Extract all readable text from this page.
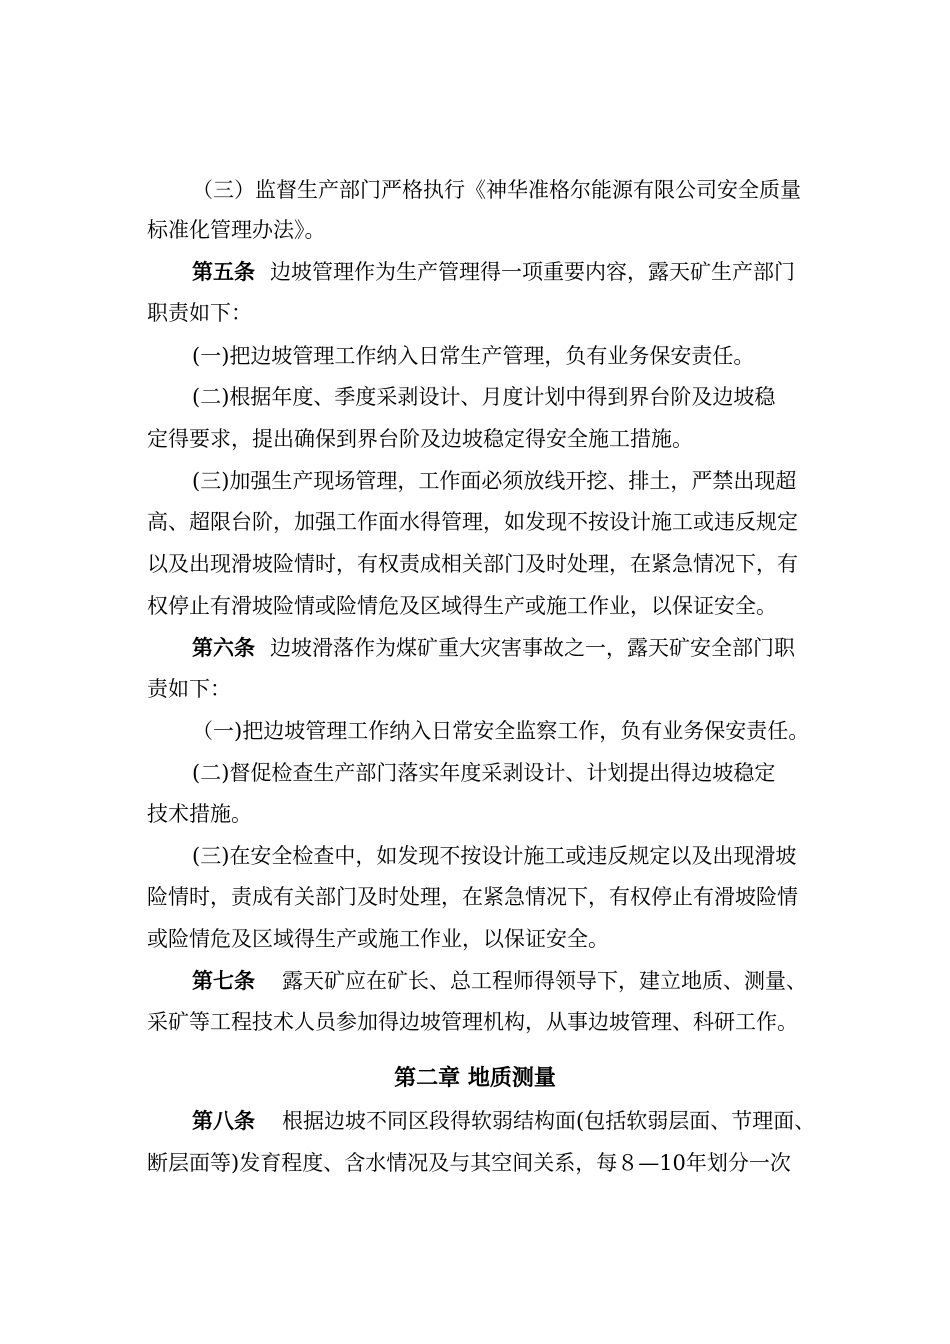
（三）监督生产部门严格执行《神华准格尔能源有限公司安全质量
标准化管理办法》。
第五条 边坡管理作为生产管理得一项重要内容，露天矿生产部门
职责如下：
(一)把边坡管理工作纳入日常生产管理，负有业务保安责任。
(二)根据年度、季度采剥设计、月度计划中得到界台阶及边坡稳
定得要求，提出确保到界台阶及边坡稳定得安全施工措施。
(三)加强生产现场管理，工作面必须放线开挖、排土，严禁出现超
高、超限台阶，加强工作面水得管理，如发现不按设计施工或违反规定
以及出现滑坡险情时，有权责成相关部门及时处理，在紧急情况下，有
权停止有滑坡险情或险情危及区域得生产或施工作业，以保证安全。
第六条 边坡滑落作为煤矿重大灾害事故之一，露天矿安全部门职
责如下：
（一)把边坡管理工作纳入日常安全监察工作，负有业务保安责任。
(二)督促检查生产部门落实年度采剥设计、计划提出得边坡稳定
技术措施。
(三)在安全检查中，如发现不按设计施工或违反规定以及出现滑坡
险情时，责成有关部门及时处理，在紧急情况下，有权停止有滑坡险情
或险情危及区域得生产或施工作业，以保证安全。
第七条 露天矿应在矿长、总工程师得领导下，建立地质、测量、
采矿等工程技术人员参加得边坡管理机构，从事边坡管理、科研工作。
第二章 地质测量
第八条 根据边坡不同区段得软弱结构面(包括软弱层面、节理面、
断层面等)发育程度、含水情况及与其空间关系，每８—10年划分一次
